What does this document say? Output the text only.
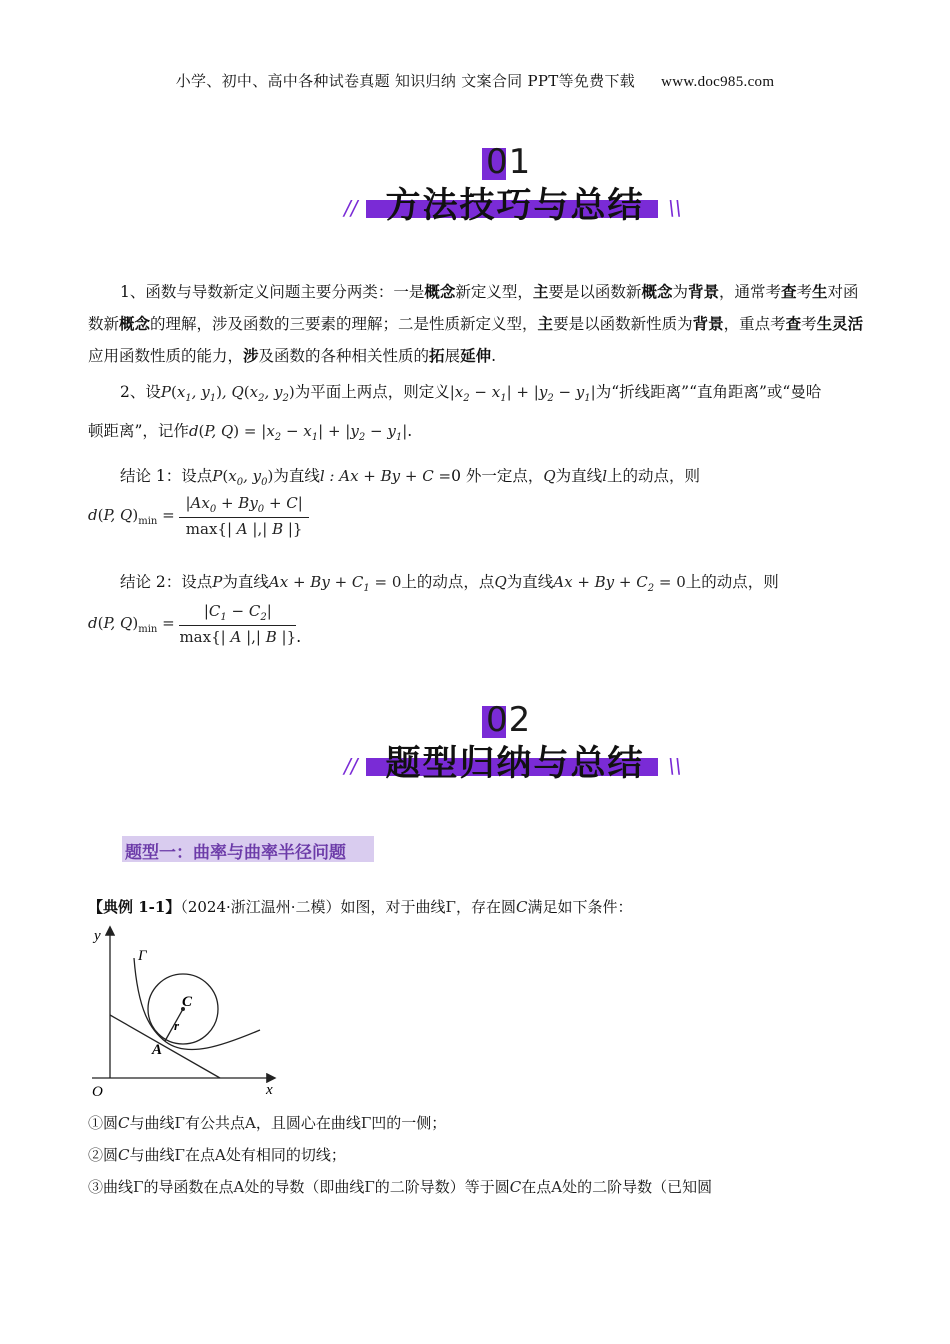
小学、初中、高中各种试卷真题 知识归纳 文案合同 PPT等免费下载 www.doc985.com
01
// 方法技巧与总结	\\
1、函数与导数新定义问题主要分两类：一是概念新定义型，主要是以函数新概念为背景，通常考查考生对函数新概念的理解，涉及函数的三要素的理解；二是性质新定义型，主要是以函数新性质为背景，重点考查考生灵活应用函数性质的能力，涉及函数的各种相关性质的拓展延伸.
2、设$P(x_1$, $y_1$), $Q(x_2$, $y_2$)为平面上两点，则定义$|x_2 - x_1| + |y_2 - y_1|$为“折线距离”“直角距离”或“曼哈
顿距离”，记作d(P, $Q) = |x_2 - x_1| + |y_2 - y_1|$.
结论 1：设点$P(x_0$, $y_0$)为直线l : Ax + By + C =0 外一定点，Q为直线l上的动点，则
d(P, $Q)_{min} = \frac{|Ax_0 + By_0 + C|}{\max\{| A |,| B |\}}$
结论 2：设点P为直线$Ax + By + C_1 = 0$上的动点，点Q为直线$Ax + By + C_2 = 0$上的动点，则
d(P, $Q)_{min} = \frac{|C_1 - C_2|}{\max\{| A |,| B |\}}$ .
02
// 题型归纳与总结	\\
题型一：曲率与曲率半径问题
【典例 1-1】（2024·浙江温州·二模）如图，对于曲线Γ，存在圆C满足如下条件：
y
x
O
Γ
C
r
A
①圆C与曲线Γ有公共点A，且圆心在曲线Γ凹的一侧；
②圆C与曲线Γ在点A处有相同的切线；
③曲线Γ的导函数在点A处的导数（即曲线Γ的二阶导数）等于圆C在点A处的二阶导数（已知圆
